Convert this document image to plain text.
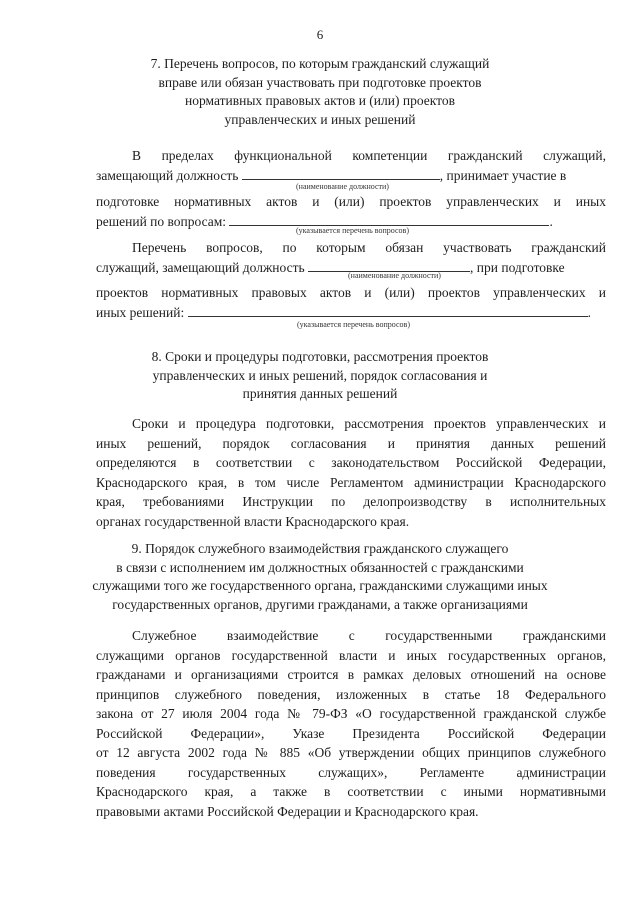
6
7. Перечень вопросов, по которым гражданский служащий
вправе или обязан участвовать при подготовке проектов
нормативных правовых актов и (или) проектов
управленческих и иных решений
В пределах функциональной компетенции гражданский служащий,
замещающий должность	, принимает участие в
(наименование должности)
подготовке нормативных актов и (или) проектов управленческих и иных
решений по вопросам:	.
(указывается перечень вопросов)
Перечень вопросов, по которым обязан участвовать гражданский
служащий, замещающий должность	, при подготовке
(наименование должности)
проектов нормативных правовых актов и (или) проектов управленческих и
иных решений:	.
(указывается перечень вопросов)
8. Сроки и процедуры подготовки, рассмотрения проектов
управленческих и иных решений, порядок согласования и
принятия данных решений
Сроки и процедура подготовки, рассмотрения проектов управленческих и
иных решений, порядок согласования и принятия данных решений
определяются в соответствии с законодательством Российской Федерации,
Краснодарского края, в том числе Регламентом администрации Краснодарского
края, требованиями Инструкции по делопроизводству в исполнительных
органах государственной власти Краснодарского края.
9. Порядок служебного взаимодействия гражданского служащего
в связи с исполнением им должностных обязанностей с гражданскими
служащими того же государственного органа, гражданскими служащими иных
государственных органов, другими гражданами, а также организациями
Служебное взаимодействие с государственными гражданскими
служащими органов государственной власти и иных государственных органов,
гражданами и организациями строится в рамках деловых отношений на основе
принципов служебного поведения, изложенных в статье 18 Федерального
закона от 27 июля 2004 года № 79-ФЗ «О государственной гражданской службе
Российской Федерации», Указе Президента Российской Федерации
от 12 августа 2002 года № 885 «Об утверждении общих принципов служебного
поведения государственных служащих», Регламенте администрации
Краснодарского края, а также в соответствии с иными нормативными
правовыми актами Российской Федерации и Краснодарского края.
